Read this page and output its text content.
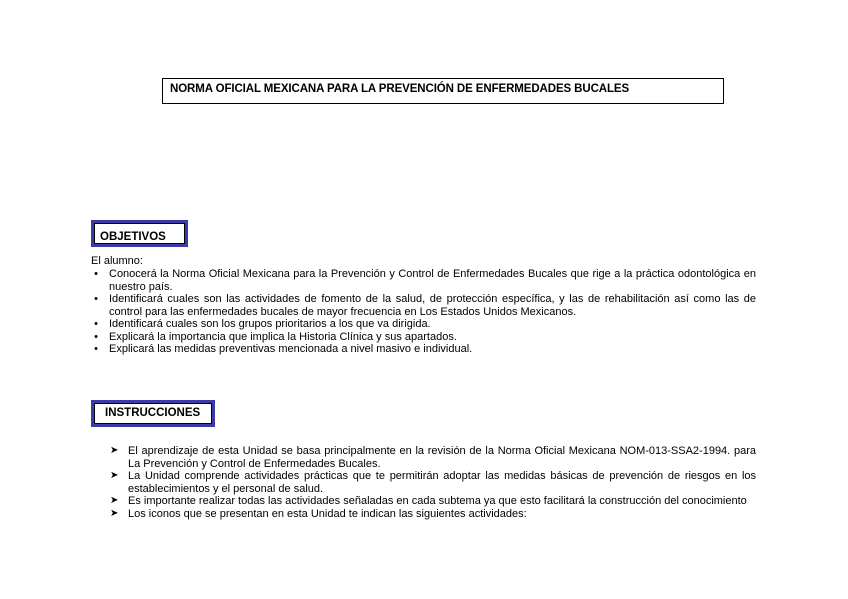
NORMA OFICIAL MEXICANA PARA LA PREVENCIÓN DE ENFERMEDADES BUCALES
OBJETIVOS
El alumno:
• Conocerá la Norma Oficial Mexicana para la Prevención y Control de Enfermedades Bucales que rige a la práctica odontológica en nuestro país.
• Identificará cuales son las actividades de fomento de la salud, de protección específica, y las de rehabilitación así como las de control para las enfermedades bucales de mayor frecuencia en Los Estados Unidos Mexicanos.
• Identificará cuales son los grupos prioritarios a los que va dirigida.
• Explicará la importancia que implica la Historia Clínica y sus apartados.
• Explicará las medidas preventivas mencionada a nivel masivo e individual.
INSTRUCCIONES
➤ El aprendizaje de esta Unidad se basa principalmente en la revisión de la Norma Oficial Mexicana NOM-013-SSA2-1994. para La Prevención y Control de Enfermedades Bucales.
➤ La Unidad comprende actividades prácticas que te permitirán adoptar las medidas básicas de prevención de riesgos en los establecimientos y el personal de salud.
➤ Es importante realizar todas las actividades señaladas en cada subtema ya que esto facilitará la construcción del conocimiento
➤ Los iconos que se presentan en esta Unidad te indican las siguientes actividades:
